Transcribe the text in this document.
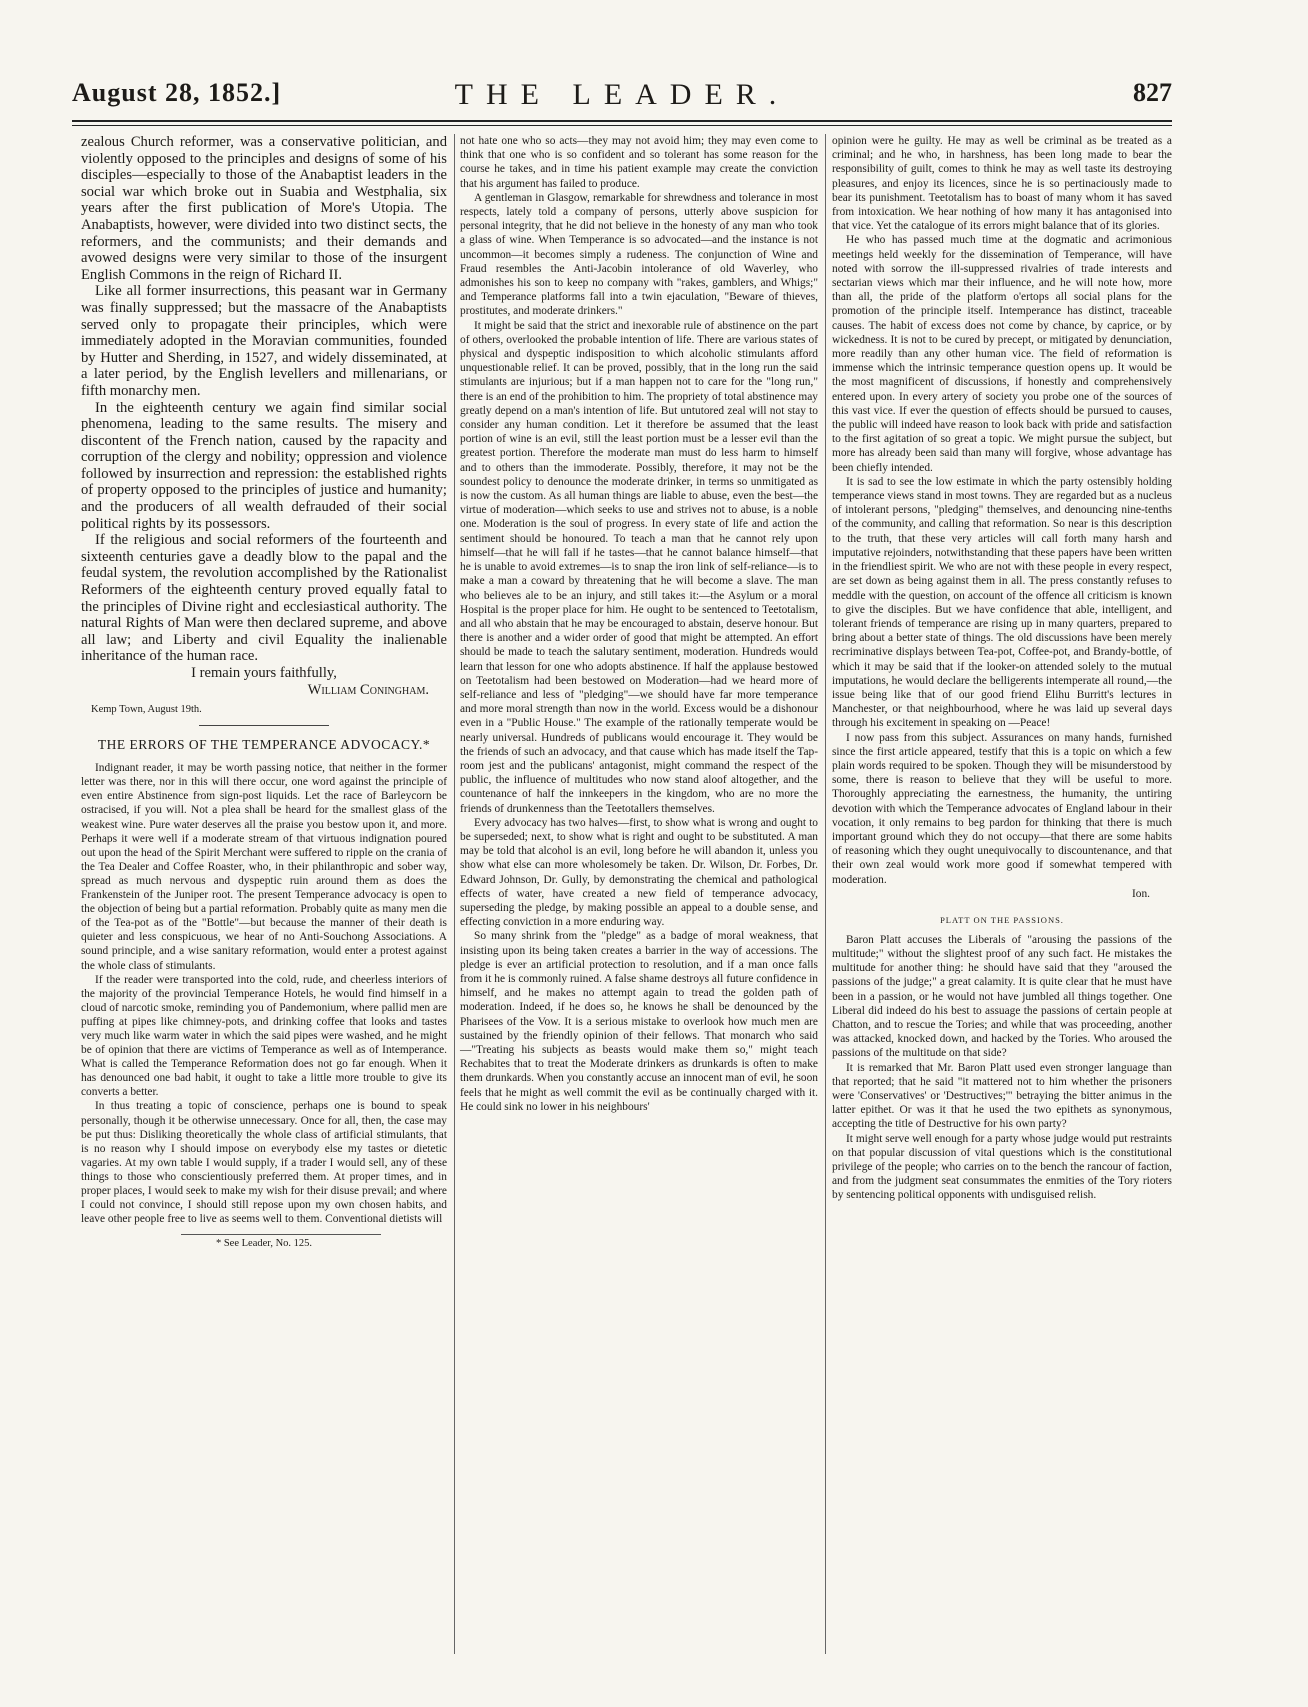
August 28, 1852.]	THE LEADER.	827

zealous Church reformer, was a conservative politician, and violently opposed to the principles and designs of some of his disciples—especially to those of the Anabaptist leaders in the social war which broke out in Suabia and Westphalia, six years after the first publication of More's Utopia. The Anabaptists, however, were divided into two distinct sects, the reformers, and the communists; and their demands and avowed designs were very similar to those of the insurgent English Commons in the reign of Richard II.

Like all former insurrections, this peasant war in Germany was finally suppressed; but the massacre of the Anabaptists served only to propagate their principles, which were immediately adopted in the Moravian communities, founded by Hutter and Sherding, in 1527, and widely disseminated, at a later period, by the English levellers and millenarians, or fifth monarchy men.

In the eighteenth century we again find similar social phenomena, leading to the same results. The misery and discontent of the French nation, caused by the rapacity and corruption of the clergy and nobility; oppression and violence followed by insurrection and repression: the established rights of property opposed to the principles of justice and humanity; and the producers of all wealth defrauded of their social political rights by its possessors.

If the religious and social reformers of the fourteenth and sixteenth centuries gave a deadly blow to the papal and the feudal system, the revolution accomplished by the Rationalist Reformers of the eighteenth century proved equally fatal to the principles of Divine right and ecclesiastical authority. The natural Rights of Man were then declared supreme, and above all law; and Liberty and civil Equality the inalienable inheritance of the human race.

I remain yours faithfully,
William Coningham.
Kemp Town, August 19th.
THE ERRORS OF THE TEMPERANCE ADVOCACY.*

Indignant reader, it may be worth passing notice, that neither in the former letter was there, nor in this will there occur, one word against the principle of even entire Abstinence from sign-post liquids. Let the race of Barleycorn be ostracised, if you will. Not a plea shall be heard for the smallest glass of the weakest wine. Pure water deserves all the praise you bestow upon it, and more. Perhaps it were well if a moderate stream of that virtuous indignation poured out upon the head of the Spirit Merchant were suffered to ripple on the crania of the Tea Dealer and Coffee Roaster, who, in their philanthropic and sober way, spread as much nervous and dyspeptic ruin around them as does the Frankenstein of the Juniper root. The present Temperance advocacy is open to the objection of being but a partial reformation. Probably quite as many men die of the Tea-pot as of the "Bottle"—but because the manner of their death is quieter and less conspicuous, we hear of no Anti-Souchong Associations. A sound principle, and a wise sanitary reformation, would enter a protest against the whole class of stimulants.

If the reader were transported into the cold, rude, and cheerless interiors of the majority of the provincial Temperance Hotels, he would find himself in a cloud of narcotic smoke, reminding you of Pandemonium, where pallid men are puffing at pipes like chimney-pots, and drinking coffee that looks and tastes very much like warm water in which the said pipes were washed, and he might be of opinion that there are victims of Temperance as well as of Intemperance. What is called the Temperance Reformation does not go far enough. When it has denounced one bad habit, it ought to take a little more trouble to give its converts a better.

In thus treating a topic of conscience, perhaps one is bound to speak personally, though it be otherwise unnecessary. Once for all, then, the case may be put thus: Disliking theoretically the whole class of artificial stimulants, that is no reason why I should impose on everybody else my tastes or dietetic vagaries. At my own table I would supply, if a trader I would sell, any of these things to those who conscientiously preferred them. At proper times, and in proper places, I would seek to make my wish for their disuse prevail; and where I could not convince, I should still repose upon my own chosen habits, and leave other people free to live as seems well to them. Conventional dietists will

* See Leader, No. 125.

not hate one who so acts—they may not avoid him; they may even come to think that one who is so confident and so tolerant has some reason for the course he takes, and in time his patient example may create the conviction that his argument has failed to produce.

A gentleman in Glasgow, remarkable for shrewdness and tolerance in most respects, lately told a company of persons, utterly above suspicion for personal integrity, that he did not believe in the honesty of any man who took a glass of wine. When Temperance is so advocated—and the instance is not uncommon—it becomes simply a rudeness. The conjunction of Wine and Fraud resembles the Anti-Jacobin intolerance of old Waverley, who admonishes his son to keep no company with "rakes, gamblers, and Whigs;" and Temperance platforms fall into a twin ejaculation, "Beware of thieves, prostitutes, and moderate drinkers."

It might be said that the strict and inexorable rule of abstinence on the part of others, overlooked the probable intention of life. There are various states of physical and dyspeptic indisposition to which alcoholic stimulants afford unquestionable relief. It can be proved, possibly, that in the long run the said stimulants are injurious; but if a man happen not to care for the "long run," there is an end of the prohibition to him. The propriety of total abstinence may greatly depend on a man's intention of life. But untutored zeal will not stay to consider any human condition. Let it therefore be assumed that the least portion of wine is an evil, still the least portion must be a lesser evil than the greatest portion. Therefore the moderate man must do less harm to himself and to others than the immoderate. Possibly, therefore, it may not be the soundest policy to denounce the moderate drinker, in terms so unmitigated as is now the custom. As all human things are liable to abuse, even the best—the virtue of moderation—which seeks to use and strives not to abuse, is a noble one. Moderation is the soul of progress. In every state of life and action the sentiment should be honoured. To teach a man that he cannot rely upon himself—that he will fall if he tastes—that he cannot balance himself—that he is unable to avoid extremes—is to snap the iron link of self-reliance—is to make a man a coward by threatening that he will become a slave. The man who believes ale to be an injury, and still takes it:—the Asylum or a moral Hospital is the proper place for him. He ought to be sentenced to Teetotalism, and all who abstain that he may be encouraged to abstain, deserve honour. But there is another and a wider order of good that might be attempted. An effort should be made to teach the salutary sentiment, moderation. Hundreds would learn that lesson for one who adopts abstinence. If half the applause bestowed on Teetotalism had been bestowed on Moderation—had we heard more of self-reliance and less of "pledging"—we should have far more temperance and more moral strength than now in the world. Excess would be a dishonour even in a "Public House." The example of the rationally temperate would be nearly universal. Hundreds of publicans would encourage it. They would be the friends of such an advocacy, and that cause which has made itself the Tap-room jest and the publicans' antagonist, might command the respect of the public, the influence of multitudes who now stand aloof altogether, and the countenance of half the innkeepers in the kingdom, who are no more the friends of drunkenness than the Teetotallers themselves.

Every advocacy has two halves—first, to show what is wrong and ought to be superseded; next, to show what is right and ought to be substituted. A man may be told that alcohol is an evil, long before he will abandon it, unless you show what else can more wholesomely be taken. Dr. Wilson, Dr. Forbes, Dr. Edward Johnson, Dr. Gully, by demonstrating the chemical and pathological effects of water, have created a new field of temperance advocacy, superseding the pledge, by making possible an appeal to a double sense, and effecting conviction in a more enduring way.

So many shrink from the "pledge" as a badge of moral weakness, that insisting upon its being taken creates a barrier in the way of accessions. The pledge is ever an artificial protection to resolution, and if a man once falls from it he is commonly ruined. A false shame destroys all future confidence in himself, and he makes no attempt again to tread the golden path of moderation. Indeed, if he does so, he knows he shall be denounced by the Pharisees of the Vow. It is a serious mistake to overlook how much men are sustained by the friendly opinion of their fellows. That monarch who said—"Treating his subjects as beasts would make them so," might teach Rechabites that to treat the Moderate drinkers as drunkards is often to make them drunkards. When you constantly accuse an innocent man of evil, he soon feels that he might as well commit the evil as be continually charged with it. He could sink no lower in his neighbours'

opinion were he guilty. He may as well be criminal as be treated as a criminal; and he who, in harshness, has been long made to bear the responsibility of guilt, comes to think he may as well taste its destroying pleasures, and enjoy its licences, since he is so pertinaciously made to bear its punishment. Teetotalism has to boast of many whom it has saved from intoxication. We hear nothing of how many it has antagonised into that vice. Yet the catalogue of its errors might balance that of its glories.

He who has passed much time at the dogmatic and acrimonious meetings held weekly for the dissemination of Temperance, will have noted with sorrow the ill-suppressed rivalries of trade interests and sectarian views which mar their influence, and he will note how, more than all, the pride of the platform o'ertops all social plans for the promotion of the principle itself. Intemperance has distinct, traceable causes. The habit of excess does not come by chance, by caprice, or by wickedness. It is not to be cured by precept, or mitigated by denunciation, more readily than any other human vice. The field of reformation is immense which the intrinsic temperance question opens up. It would be the most magnificent of discussions, if honestly and comprehensively entered upon. In every artery of society you probe one of the sources of this vast vice. If ever the question of effects should be pursued to causes, the public will indeed have reason to look back with pride and satisfaction to the first agitation of so great a topic. We might pursue the subject, but more has already been said than many will forgive, whose advantage has been chiefly intended.

It is sad to see the low estimate in which the party ostensibly holding temperance views stand in most towns. They are regarded but as a nucleus of intolerant persons, "pledging" themselves, and denouncing nine-tenths of the community, and calling that reformation. So near is this description to the truth, that these very articles will call forth many harsh and imputative rejoinders, notwithstanding that these papers have been written in the friendliest spirit. We who are not with these people in every respect, are set down as being against them in all. The press constantly refuses to meddle with the question, on account of the offence all criticism is known to give the disciples. But we have confidence that able, intelligent, and tolerant friends of temperance are rising up in many quarters, prepared to bring about a better state of things. The old discussions have been merely recriminative displays between Tea-pot, Coffee-pot, and Brandy-bottle, of which it may be said that if the looker-on attended solely to the mutual imputations, he would declare the belligerents intemperate all round,—the issue being like that of our good friend Elihu Burritt's lectures in Manchester, or that neighbourhood, where he was laid up several days through his excitement in speaking on —Peace!

I now pass from this subject. Assurances on many hands, furnished since the first article appeared, testify that this is a topic on which a few plain words required to be spoken. Though they will be misunderstood by some, there is reason to believe that they will be useful to more. Thoroughly appreciating the earnestness, the humanity, the untiring devotion with which the Temperance advocates of England labour in their vocation, it only remains to beg pardon for thinking that there is much important ground which they do not occupy—that there are some habits of reasoning which they ought unequivocally to discountenance, and that their own zeal would work more good if somewhat tempered with moderation.

Ion.
PLATT ON THE PASSIONS.

Baron Platt accuses the Liberals of "arousing the passions of the multitude;" without the slightest proof of any such fact. He mistakes the multitude for another thing: he should have said that they "aroused the passions of the judge;" a great calamity. It is quite clear that he must have been in a passion, or he would not have jumbled all things together. One Liberal did indeed do his best to assuage the passions of certain people at Chatton, and to rescue the Tories; and while that was proceeding, another was attacked, knocked down, and hacked by the Tories. Who aroused the passions of the multitude on that side?

It is remarked that Mr. Baron Platt used even stronger language than that reported; that he said "it mattered not to him whether the prisoners were 'Conservatives' or 'Destructives;'" betraying the bitter animus in the latter epithet. Or was it that he used the two epithets as synonymous, accepting the title of Destructive for his own party?

It might serve well enough for a party whose judge would put restraints on that popular discussion of vital questions which is the constitutional privilege of the people; who carries on to the bench the rancour of faction, and from the judgment seat consummates the enmities of the Tory rioters by sentencing political opponents with undisguised relish.
